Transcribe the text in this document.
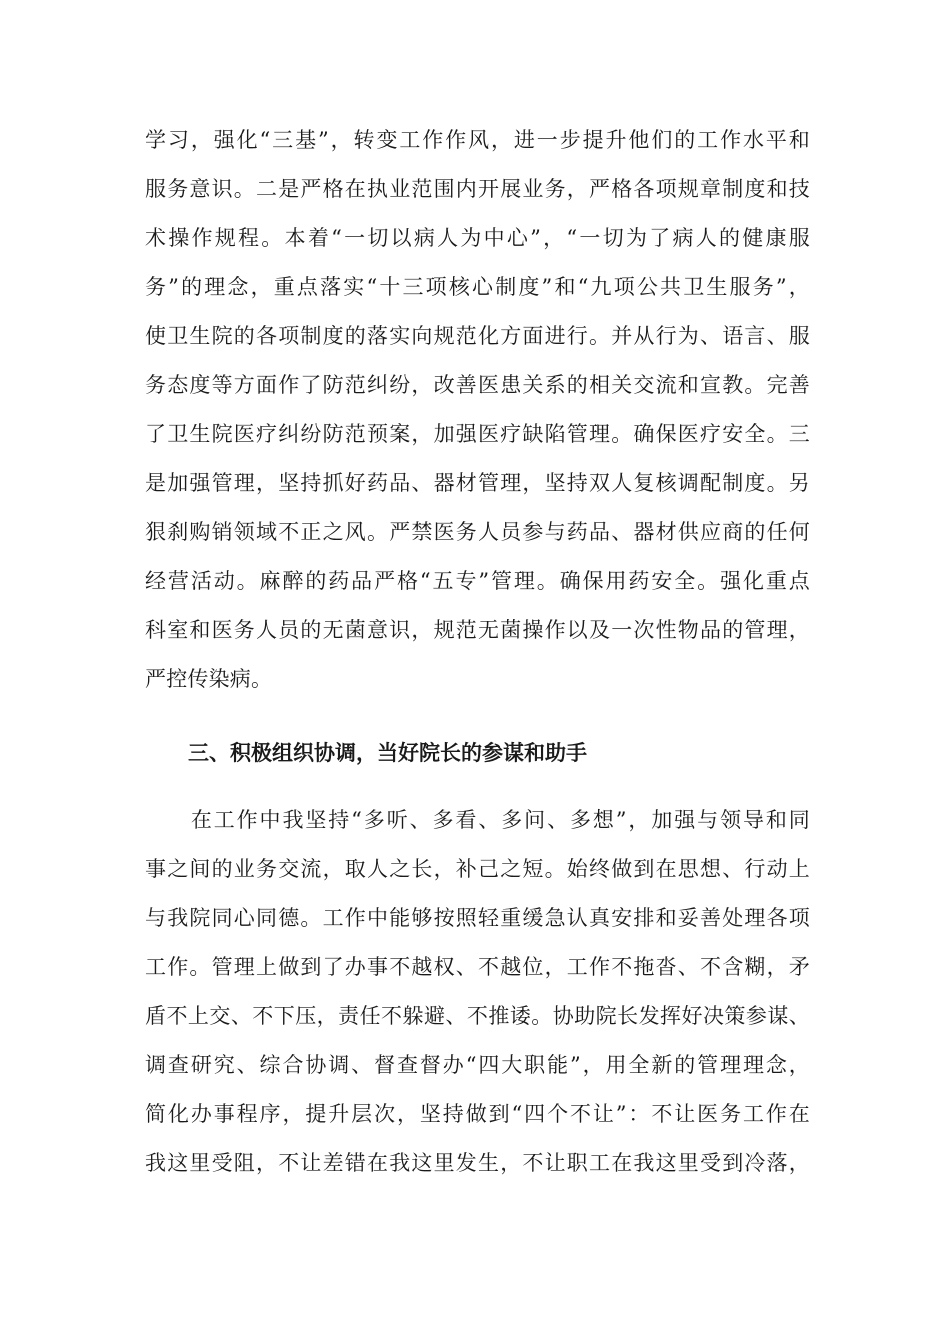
学习，强化“三基”，转变工作作风，进一步提升他们的工作水平和
服务意识。二是严格在执业范围内开展业务，严格各项规章制度和技
术操作规程。本着“一切以病人为中心”，“一切为了病人的健康服
务”的理念，重点落实“十三项核心制度”和“九项公共卫生服务”，
使卫生院的各项制度的落实向规范化方面进行。并从行为、语言、服
务态度等方面作了防范纠纷，改善医患关系的相关交流和宣教。完善
了卫生院医疗纠纷防范预案，加强医疗缺陷管理。确保医疗安全。三
是加强管理，坚持抓好药品、器材管理，坚持双人复核调配制度。另
狠刹购销领域不正之风。严禁医务人员参与药品、器材供应商的任何
经营活动。麻醉的药品严格“五专”管理。确保用药安全。强化重点
科室和医务人员的无菌意识，规范无菌操作以及一次性物品的管理，
严控传染病。
三、积极组织协调，当好院长的参谋和助手
　　在工作中我坚持“多听、多看、多问、多想”，加强与领导和同
事之间的业务交流，取人之长，补己之短。始终做到在思想、行动上
与我院同心同德。工作中能够按照轻重缓急认真安排和妥善处理各项
工作。管理上做到了办事不越权、不越位，工作不拖沓、不含糊，矛
盾不上交、不下压，责任不躲避、不推诿。协助院长发挥好决策参谋、
调查研究、综合协调、督查督办“四大职能”，用全新的管理理念，
简化办事程序，提升层次，坚持做到“四个不让”：不让医务工作在
我这里受阻，不让差错在我这里发生，不让职工在我这里受到冷落，
